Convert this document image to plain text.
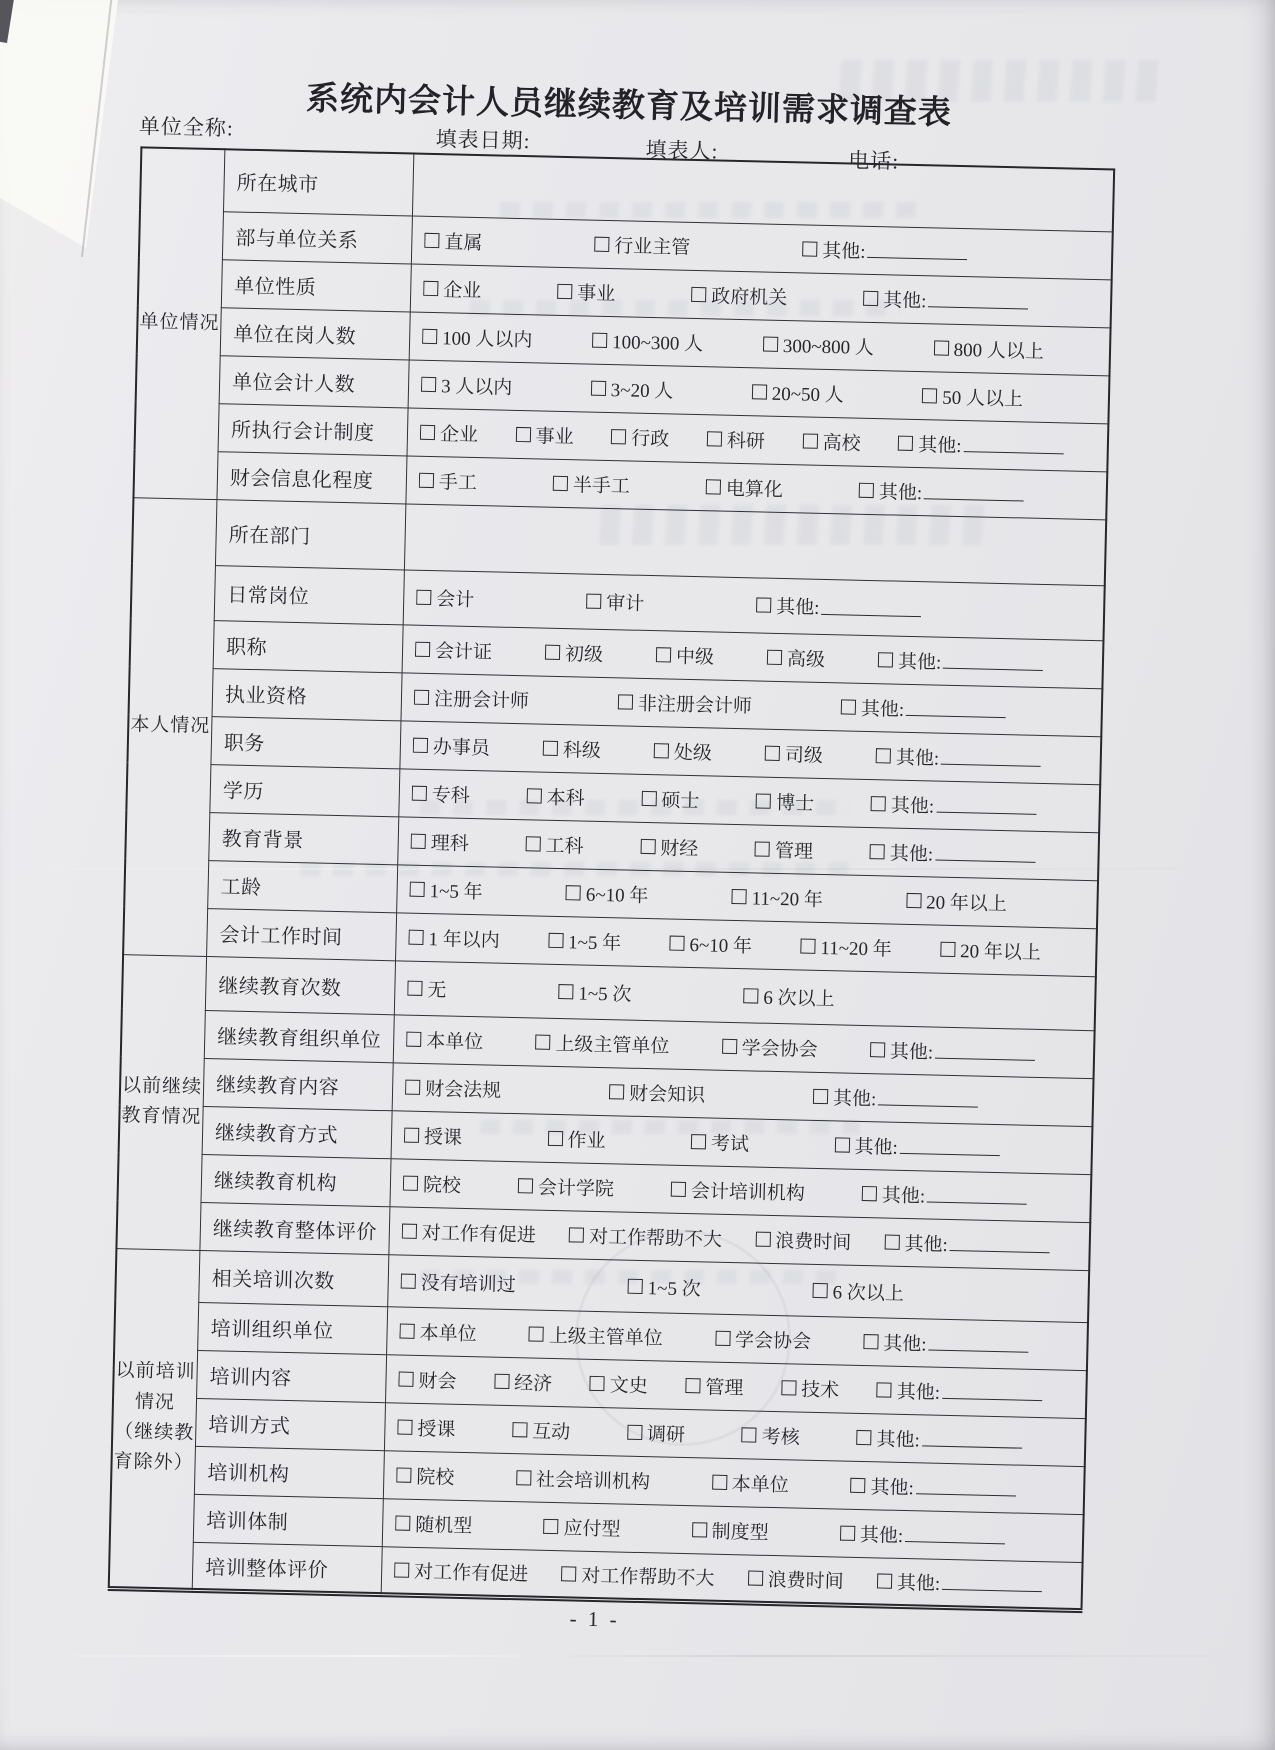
系统内会计人员继续教育及培训需求调查表
单位全称:	填表日期:	填表人:	电话:
单位情况	所在城市	

	部与单位关系	直属 行业主管 其他:

	单位性质	企业 事业 政府机关 其他:

	单位在岗人数	100 人以内 100~300 人 300~800 人 800 人以上

	单位会计人数	3 人以内 3~20 人 20~50 人 50 人以上

所执行会计制度	企业	事业	行政	科研	高校	其他:

	财会信息化程度	手工 半手工 电算化 其他:

本人情况	所在部门	

	日常岗位	会计 审计 其他:

	职称	会计证 初级 中级 高级 其他:

	执业资格	注册会计师 非注册会计师 其他:

	职务	办事员 科级 处级 司级 其他:

	学历	专科 本科 硕士 博士 其他:

	教育背景	理科 工科 财经 管理 其他:

	工龄	1~5 年 6~10 年 11~20 年 20 年以上

	会计工作时间	1 年以内 1~5 年 6~10 年 11~20 年 20 年以上

以前继续
教育情况	继续教育次数	无 1~5 次 6 次以上

	继续教育组织单位	本单位 上级主管单位 学会协会 其他:

	继续教育内容	财会法规 财会知识 其他:

	继续教育方式	授课 作业 考试 其他:

	继续教育机构	院校 会计学院 会计培训机构 其他:

	继续教育整体评价	对工作有促进 对工作帮助不大 浪费时间 其他:

以前培训
情况
（继续教
育除外）	相关培训次数	没有培训过 1~5 次 6 次以上

	培训组织单位	本单位 上级主管单位 学会协会 其他:

培训内容	财会	经济	文史	管理	技术	其他:

	培训方式	授课 互动 调研 考核 其他:

	培训机构	院校 社会培训机构 本单位 其他:

	培训体制	随机型 应付型 制度型 其他:

	培训整体评价	对工作有促进 对工作帮助不大 浪费时间 其他:
- 1 -
